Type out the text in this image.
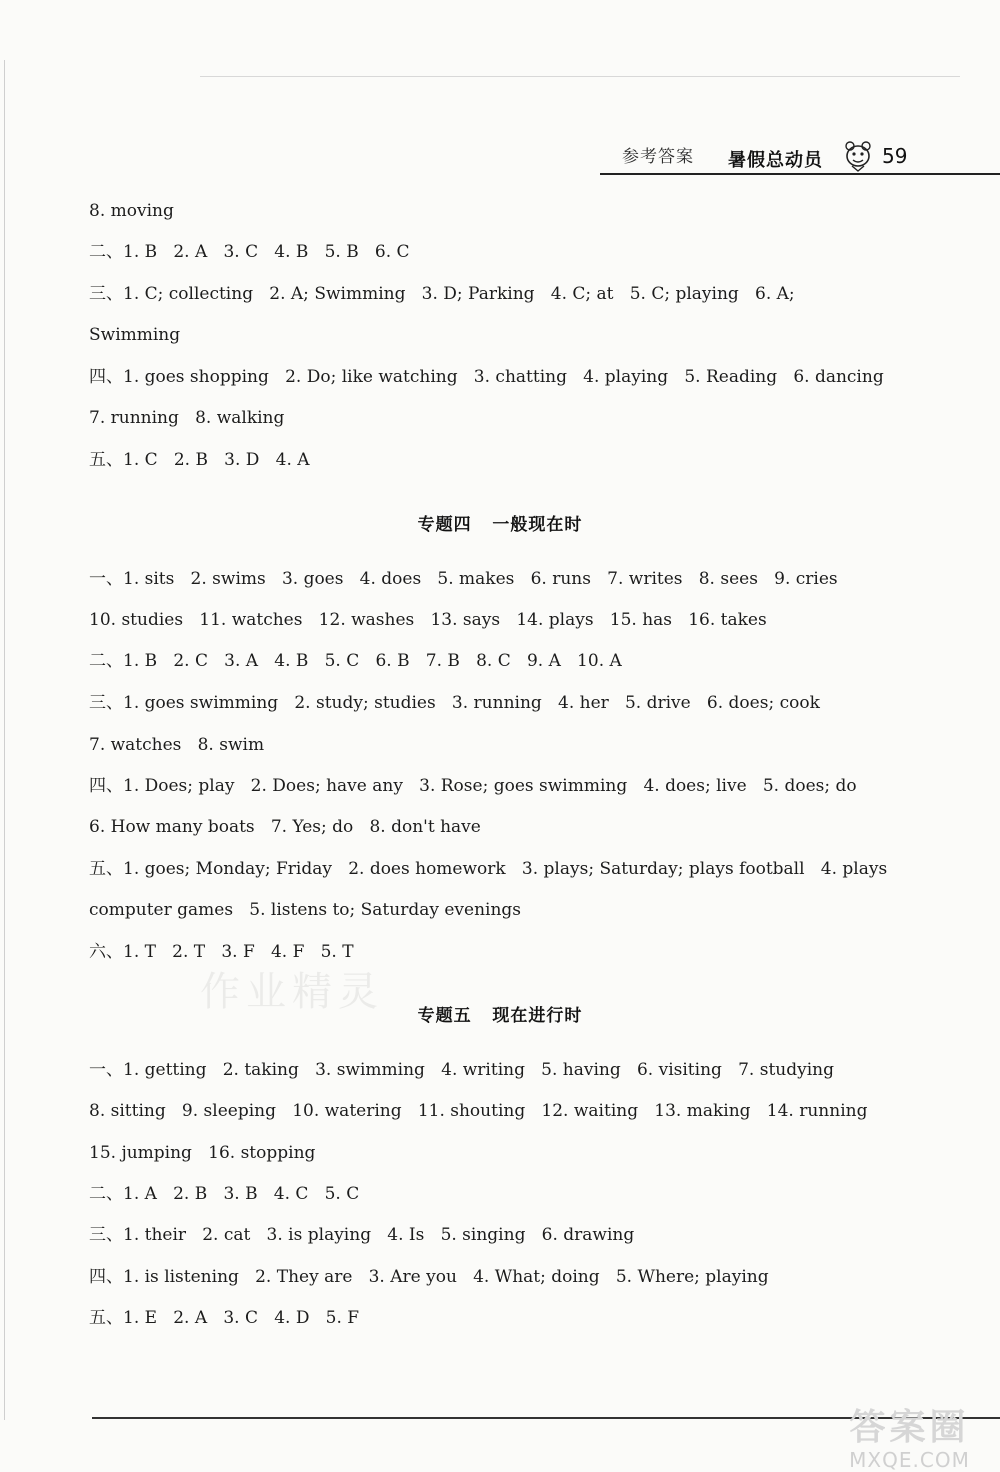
参考答案 暑假总动员	59
8. moving
二、1. B   2. A   3. C   4. B   5. B   6. C
三、1. C; collecting   2. A; Swimming   3. D; Parking   4. C; at   5. C; playing   6. A;
Swimming
四、1. goes shopping   2. Do; like watching   3. chatting   4. playing   5. Reading   6. dancing
7. running   8. walking
五、1. C   2. B   3. D   4. A
专题四   一般现在时
一、1. sits   2. swims   3. goes   4. does   5. makes   6. runs   7. writes   8. sees   9. cries
10. studies   11. watches   12. washes   13. says   14. plays   15. has   16. takes
二、1. B   2. C   3. A   4. B   5. C   6. B   7. B   8. C   9. A   10. A
三、1. goes swimming   2. study; studies   3. running   4. her   5. drive   6. does; cook
7. watches   8. swim
四、1. Does; play   2. Does; have any   3. Rose; goes swimming   4. does; live   5. does; do
6. How many boats   7. Yes; do   8. don't have
五、1. goes; Monday; Friday   2. does homework   3. plays; Saturday; plays football   4. plays
computer games   5. listens to; Saturday evenings
六、1. T   2. T   3. F   4. F   5. T
作业精灵
专题五   现在进行时
一、1. getting   2. taking   3. swimming   4. writing   5. having   6. visiting   7. studying
8. sitting   9. sleeping   10. watering   11. shouting   12. waiting   13. making   14. running
15. jumping   16. stopping
二、1. A   2. B   3. B   4. C   5. C
三、1. their   2. cat   3. is playing   4. Is   5. singing   6. drawing
四、1. is listening   2. They are   3. Are you   4. What; doing   5. Where; playing
五、1. E   2. A   3. C   4. D   5. F
答案圈
MXQE.COM
